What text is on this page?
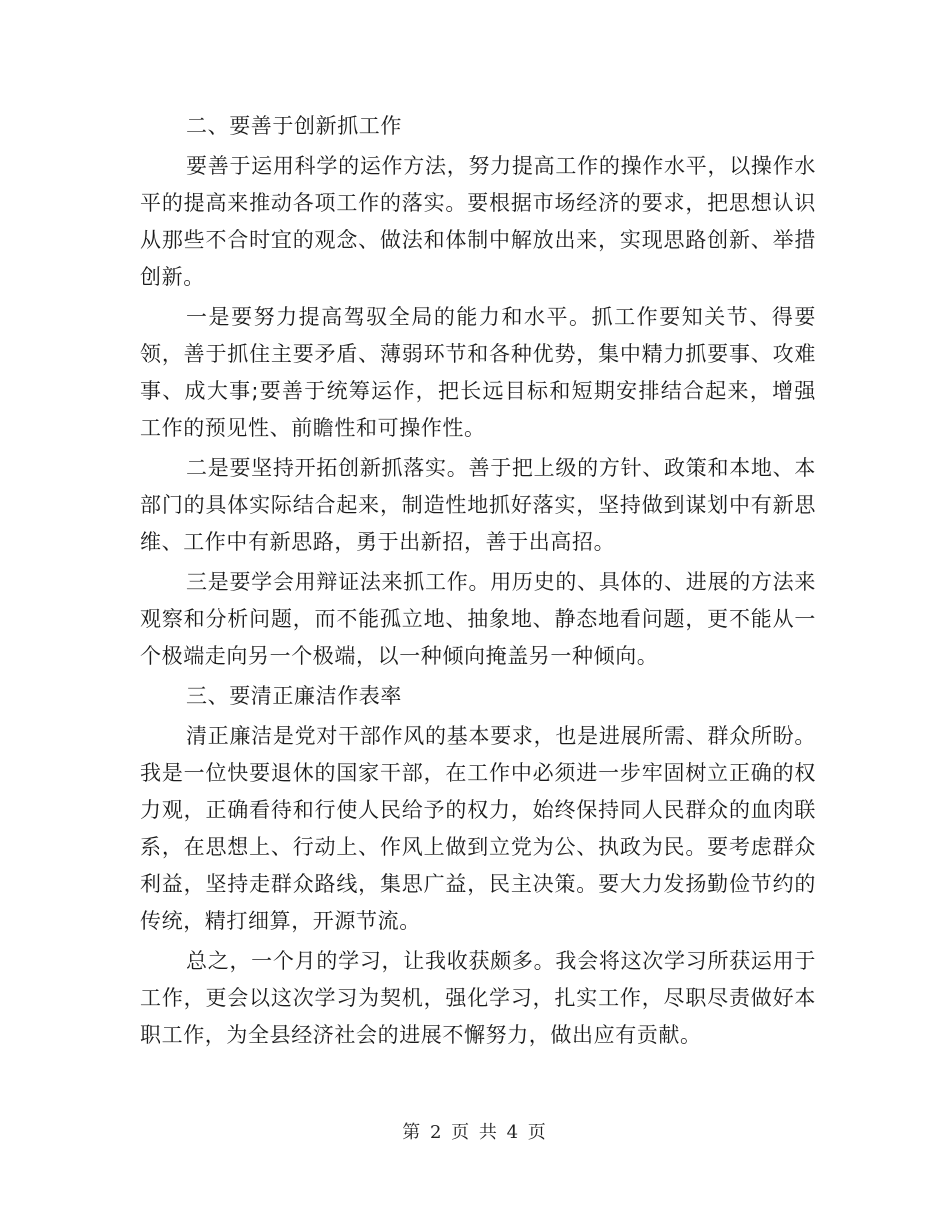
二、要善于创新抓工作

要善于运用科学的运作方法，努力提高工作的操作水平，以操作水平的提高来推动各项工作的落实。要根据市场经济的要求，把思想认识从那些不合时宜的观念、做法和体制中解放出来，实现思路创新、举措创新。

一是要努力提高驾驭全局的能力和水平。抓工作要知关节、得要领，善于抓住主要矛盾、薄弱环节和各种优势，集中精力抓要事、攻难事、成大事;要善于统筹运作，把长远目标和短期安排结合起来，增强工作的预见性、前瞻性和可操作性。

二是要坚持开拓创新抓落实。善于把上级的方针、政策和本地、本部门的具体实际结合起来，制造性地抓好落实，坚持做到谋划中有新思维、工作中有新思路，勇于出新招，善于出高招。

三是要学会用辩证法来抓工作。用历史的、具体的、进展的方法来观察和分析问题，而不能孤立地、抽象地、静态地看问题，更不能从一个极端走向另一个极端，以一种倾向掩盖另一种倾向。

三、要清正廉洁作表率

清正廉洁是党对干部作风的基本要求，也是进展所需、群众所盼。我是一位快要退休的国家干部，在工作中必须进一步牢固树立正确的权力观，正确看待和行使人民给予的权力，始终保持同人民群众的血肉联系，在思想上、行动上、作风上做到立党为公、执政为民。要考虑群众利益，坚持走群众路线，集思广益，民主决策。要大力发扬勤俭节约的传统，精打细算，开源节流。

总之，一个月的学习，让我收获颇多。我会将这次学习所获运用于工作，更会以这次学习为契机，强化学习，扎实工作，尽职尽责做好本职工作，为全县经济社会的进展不懈努力，做出应有贡献。

第 2 页 共 4 页
